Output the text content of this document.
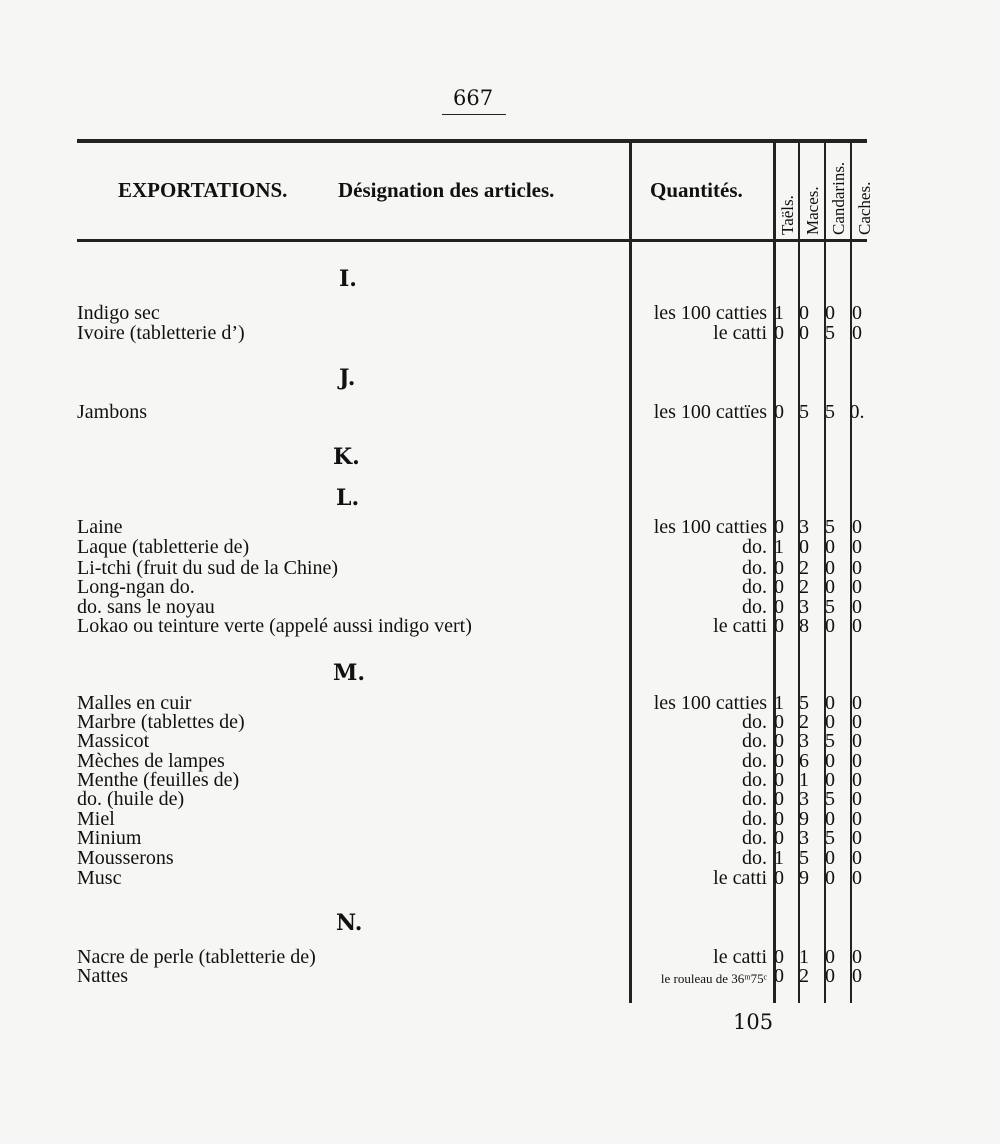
667
EXPORTATIONS. Désignation des articles.	Quantités.
Taëls. Maces. Candarins. Caches.
I.
Indigo sec	les 100 catties 1 0 0 0
Ivoire (tabletterie d’)	le catti 0 0 5 0
J.
Jambons	les 100 cattïes 0 5 5 0.
K.
L.
Laine	les 100 catties 0 3 5 0
Laque (tabletterie de)	do. 1 0 0 0
Li-tchi (fruit du sud de la Chine)	do. 0 2 0 0
Long-ngan do.	do. 0 2 0 0
do. sans le noyau	do. 0 3 5 0
Lokao ou teinture verte (appelé aussi indigo vert)	le catti 0 8 0 0
M.
Malles en cuir	les 100 catties 1 5 0 0
Marbre (tablettes de)	do. 0 2 0 0
Massicot	do. 0 3 5 0
Mèches de lampes	do. 0 6 0 0
Menthe (feuilles de)	do. 0 1 0 0
do. (huile de)	do. 0 3 5 0
Miel	do. 0 9 0 0
Minium	do. 0 3 5 0
Mousserons	do. 1 5 0 0
Musc	le catti 0 9 0 0
N.
Nacre de perle (tabletterie de)	le catti 0 1 0 0
Nattes	le rouleau de 36ᵐ75ᶜ 0 2 0 0
105
